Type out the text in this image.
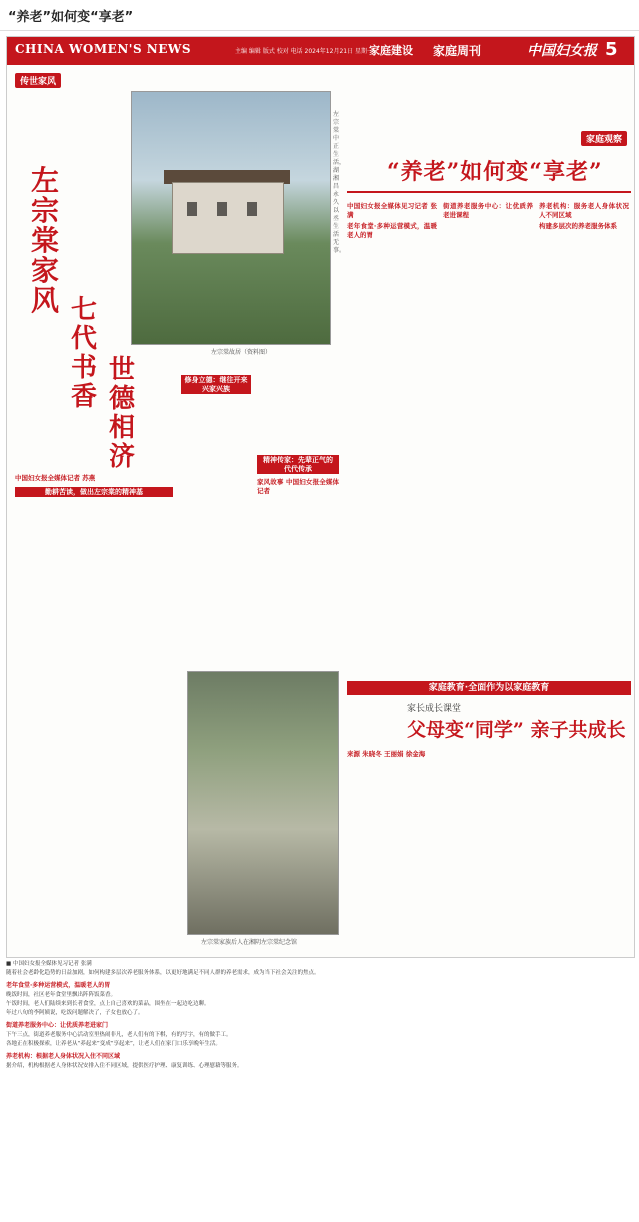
“养老”如何变“享老”
CHINA WOMEN'S NEWS	主编 编辑 版式 校对 电话 2024年12月21日 星期一
家庭建设 家庭周刊	中国妇女报 5
传世家风
左宗棠家风 七代书香
世德相济
左宗棠中正生活，湖湘昌永久以丞生活无事。
左宗棠故居（资料图）
中国妇女报全媒体记者 苏燕
勤耕苦读，做出左宗棠的精神基
修身立德：继往开来 兴家兴族
精神传家：先辈正气的代代传承
家风故事 中国妇女报全媒体记者
左宗棠家族后人在湘阴左宗棠纪念馆
家庭观察
“养老”如何变“享老”
中国妇女报全媒体见习记者 张满
老年食堂·多种运营模式，温暖老人的胃
街道养老服务中心：让优质养老进课程
养老机构：服务老人身体状况人不同区域
构建多层次的养老服务体系
家庭教育·全面作为以家庭教育
家长成长课堂
父母变“同学” 亲子共成长
来源 朱晓冬 王丽娟 徐金海

■ 中国妇女报全媒体见习记者 张满

随着社会老龄化趋势的日益加剧，如何构建多层次养老服务体系，以更好地满足不同人群的养老需求，成为当下社会关注的焦点。

老年食堂·多种运营模式，温暖老人的胃

晚饭时间，社区老年食堂里飘出阵阵饭菜香。

午饭时间，老人们陆续来到长者食堂，点上自己喜欢的菜品，围坐在一起边吃边聊。

年过八旬的李阿姨说，吃饭问题解决了，子女也放心了。

街道养老服务中心：让优质养老进家门

下午三点，街道养老服务中心活动室里热闹非凡，老人们有的下棋，有的写字，有的做手工。

各地正在积极探索，让养老从“养起来”变成“享起来”，让老人们在家门口乐享晚年生活。

养老机构：根据老人身体状况入住不同区域

据介绍，机构根据老人身体状况安排入住不同区域，提供医疗护理、康复训练、心理慰藉等服务。
